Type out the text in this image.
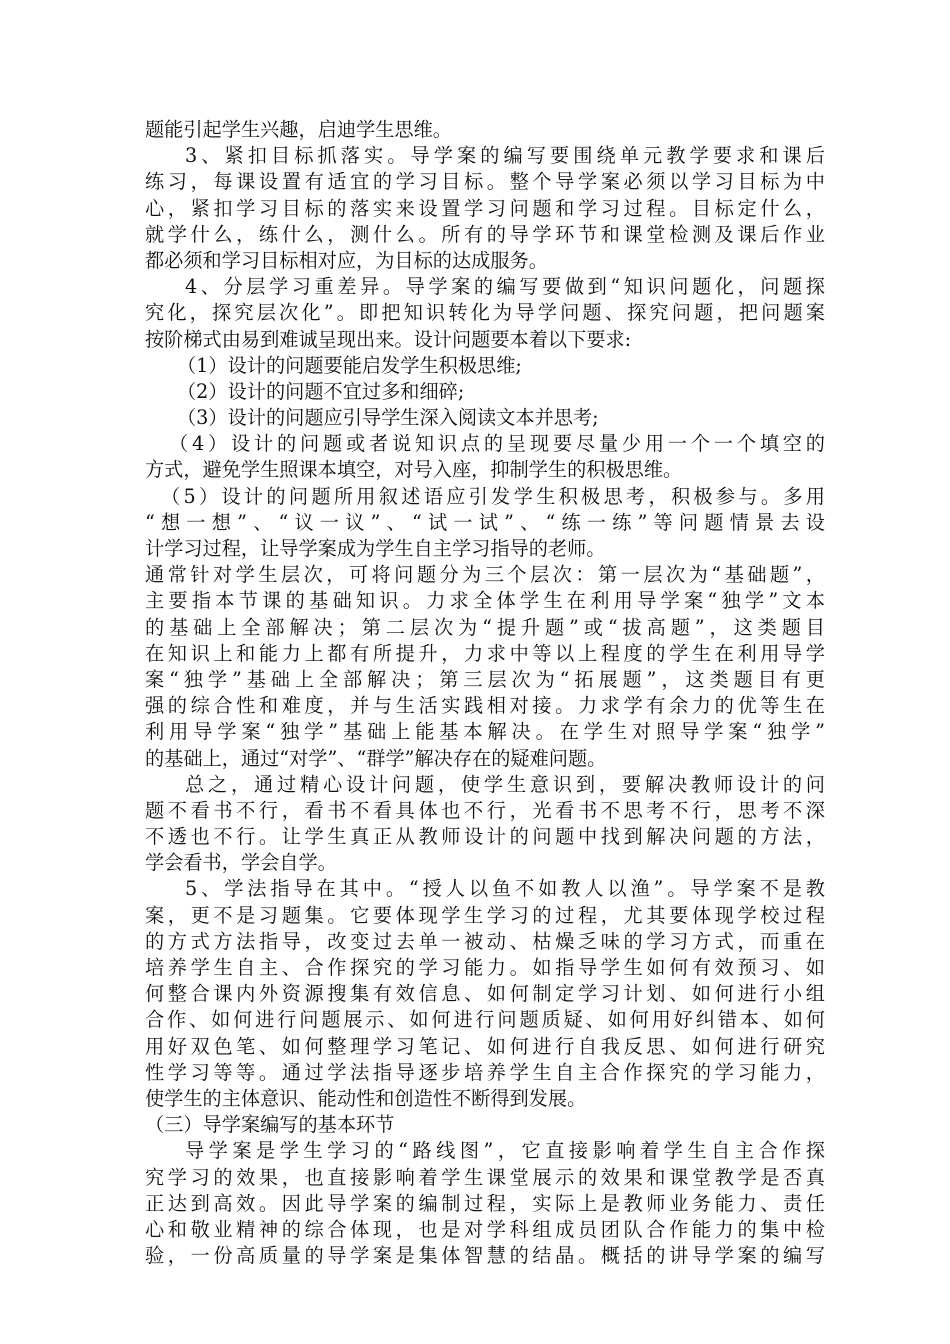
题能引起学生兴趣，启迪学生思维。
3、紧扣目标抓落实。导学案的编写要围绕单元教学要求和课后
练习，每课设置有适宜的学习目标。整个导学案必须以学习目标为中
心，紧扣学习目标的落实来设置学习问题和学习过程。目标定什么，
就学什么，练什么，测什么。所有的导学环节和课堂检测及课后作业
都必须和学习目标相对应，为目标的达成服务。
4、分层学习重差异。导学案的编写要做到“知识问题化，问题探
究化，探究层次化”。即把知识转化为导学问题、探究问题，把问题案
按阶梯式由易到难诚呈现出来。设计问题要本着以下要求:
（1）设计的问题要能启发学生积极思维;
（2）设计的问题不宜过多和细碎;
（3）设计的问题应引导学生深入阅读文本并思考;
（4）设计的问题或者说知识点的呈现要尽量少用一个一个填空的
方式，避免学生照课本填空，对号入座，抑制学生的积极思维。
（5）设计的问题所用叙述语应引发学生积极思考，积极参与。多用
“想一想”、“议一议”、“试一试”、“练一练”等问题情景去设
计学习过程，让导学案成为学生自主学习指导的老师。
通常针对学生层次，可将问题分为三个层次：第一层次为“基础题”，
主要指本节课的基础知识。力求全体学生在利用导学案“独学”文本
的基础上全部解决；第二层次为“提升题”或“拔高题”，这类题目
在知识上和能力上都有所提升，力求中等以上程度的学生在利用导学
案“独学”基础上全部解决；第三层次为“拓展题”，这类题目有更
强的综合性和难度，并与生活实践相对接。力求学有余力的优等生在
利用导学案“独学”基础上能基本解决。在学生对照导学案“独学”
的基础上，通过“对学”、“群学”解决存在的疑难问题。
总之，通过精心设计问题，使学生意识到，要解决教师设计的问
题不看书不行，看书不看具体也不行，光看书不思考不行，思考不深
不透也不行。让学生真正从教师设计的问题中找到解决问题的方法，
学会看书，学会自学。
5、学法指导在其中。“授人以鱼不如教人以渔”。导学案不是教
案，更不是习题集。它要体现学生学习的过程，尤其要体现学校过程
的方式方法指导，改变过去单一被动、枯燥乏味的学习方式，而重在
培养学生自主、合作探究的学习能力。如指导学生如何有效预习、如
何整合课内外资源搜集有效信息、如何制定学习计划、如何进行小组
合作、如何进行问题展示、如何进行问题质疑、如何用好纠错本、如何
用好双色笔、如何整理学习笔记、如何进行自我反思、如何进行研究
性学习等等。通过学法指导逐步培养学生自主合作探究的学习能力，
使学生的主体意识、能动性和创造性不断得到发展。
（三）导学案编写的基本环节
导学案是学生学习的“路线图”，它直接影响着学生自主合作探
究学习的效果，也直接影响着学生课堂展示的效果和课堂教学是否真
正达到高效。因此导学案的编制过程，实际上是教师业务能力、责任
心和敬业精神的综合体现，也是对学科组成员团队合作能力的集中检
验，一份高质量的导学案是集体智慧的结晶。概括的讲导学案的编写
